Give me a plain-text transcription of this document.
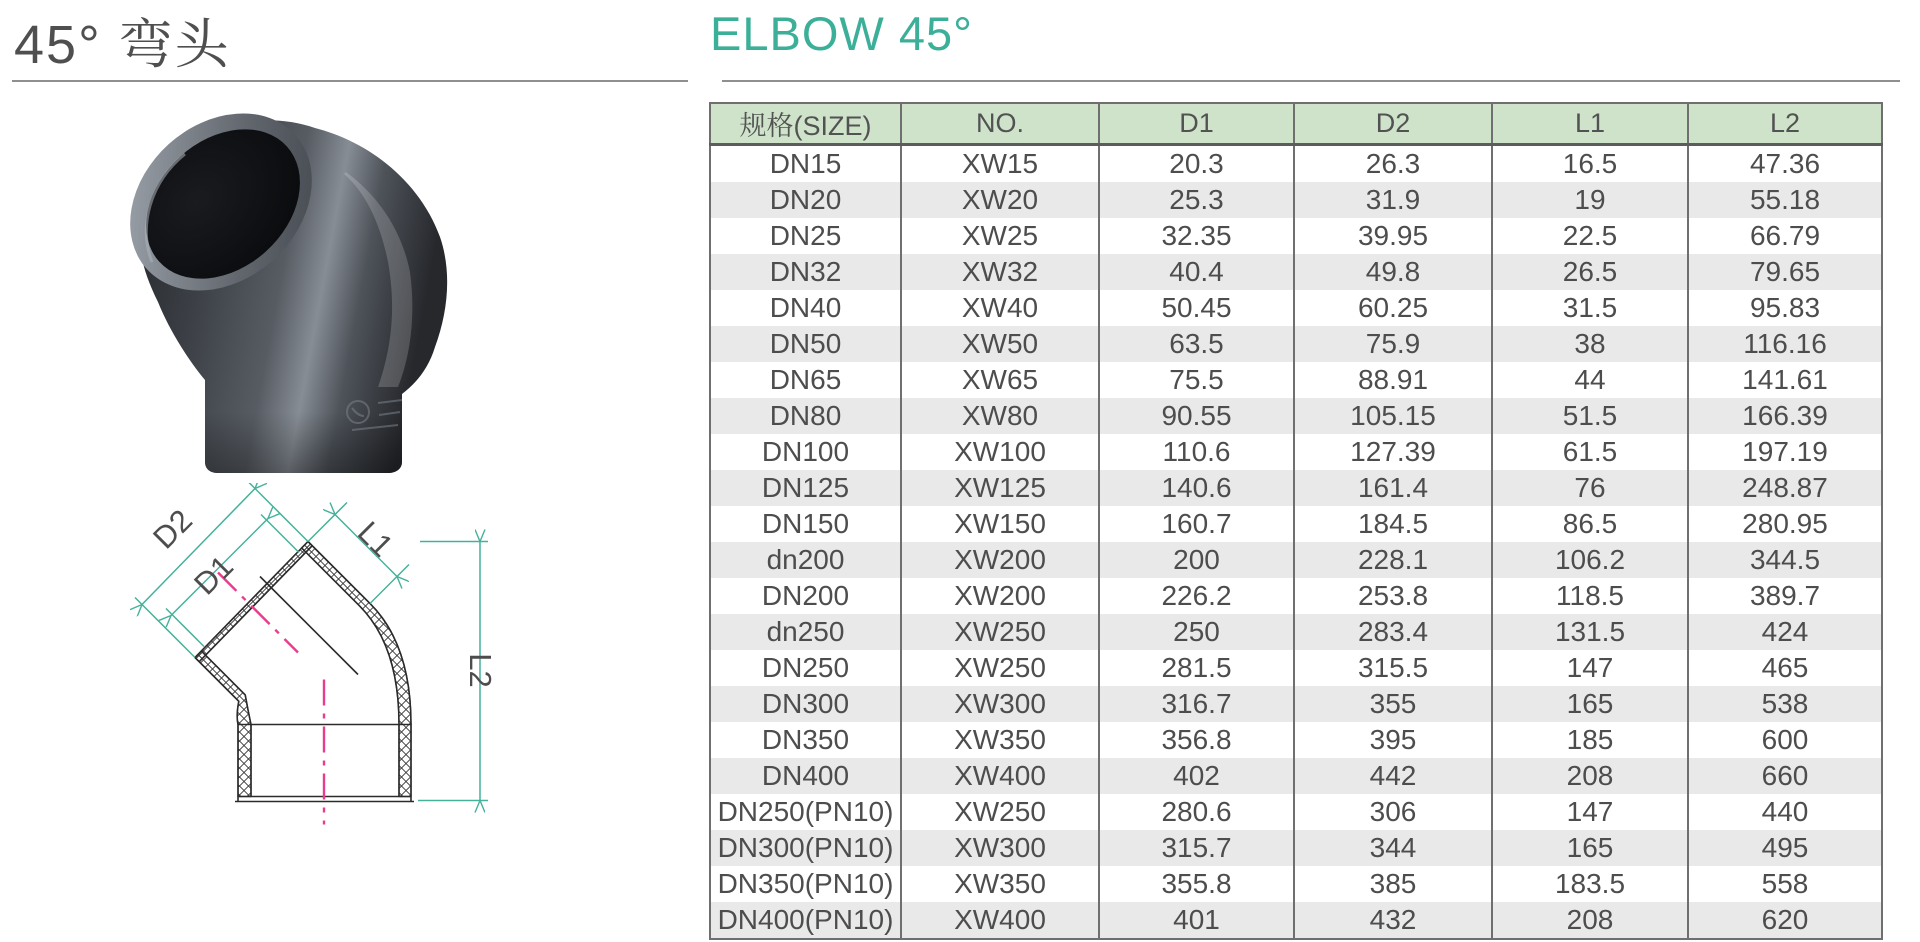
45° 弯头	ELBOW 45°
D2
D1
L1
L2
规格(SIZE)	NO.	D1	D2	L1	L2
DN15	XW15	20.3	26.3	16.5	47.36
DN20	XW20	25.3	31.9	19	55.18
DN25	XW25	32.35	39.95	22.5	66.79
DN32	XW32	40.4	49.8	26.5	79.65
DN40	XW40	50.45	60.25	31.5	95.83
DN50	XW50	63.5	75.9	38	116.16
DN65	XW65	75.5	88.91	44	141.61
DN80	XW80	90.55	105.15	51.5	166.39
DN100	XW100	110.6	127.39	61.5	197.19
DN125	XW125	140.6	161.4	76	248.87
DN150	XW150	160.7	184.5	86.5	280.95
dn200	XW200	200	228.1	106.2	344.5
DN200	XW200	226.2	253.8	118.5	389.7
dn250	XW250	250	283.4	131.5	424
DN250	XW250	281.5	315.5	147	465
DN300	XW300	316.7	355	165	538
DN350	XW350	356.8	395	185	600
DN400	XW400	402	442	208	660
DN250(PN10)	XW250	280.6	306	147	440
DN300(PN10)	XW300	315.7	344	165	495
DN350(PN10)	XW350	355.8	385	183.5	558
DN400(PN10)	XW400	401	432	208	620
